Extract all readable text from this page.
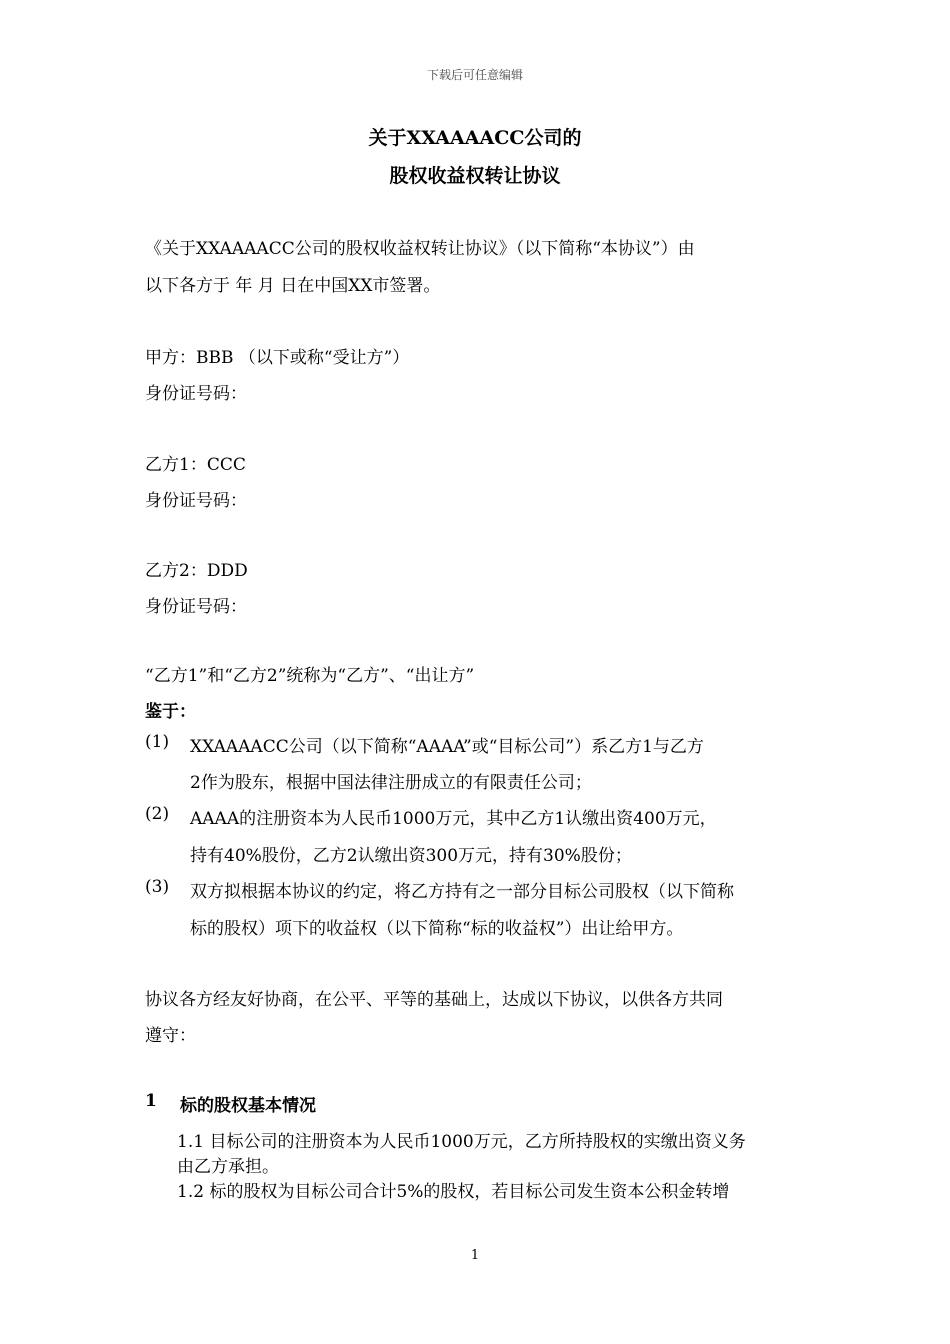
下载后可任意编辑
关于XXAAAACC公司的
股权收益权转让协议
《关于XXAAAACC公司的股权收益权转让协议》（以下简称“本协议”）由
以下各方于 年 月 日在中国XX市签署。
甲方：BBB （以下或称“受让方”）
身份证号码：
乙方1：CCC
身份证号码：
乙方2：DDD
身份证号码：
“乙方1”和“乙方2”统称为“乙方”、“出让方”
鉴于：
(1) XXAAAACC公司（以下简称“AAAA”或“目标公司”）系乙方1与乙方
2作为股东，根据中国法律注册成立的有限责任公司；
(2) AAAA的注册资本为人民币1000万元，其中乙方1认缴出资400万元，
持有40%股份，乙方2认缴出资300万元，持有30%股份；
(3) 双方拟根据本协议的约定，将乙方持有之一部分目标公司股权（以下简称
标的股权）项下的收益权（以下简称“标的收益权”）出让给甲方。
协议各方经友好协商，在公平、平等的基础上，达成以下协议，以供各方共同
遵守：
1 标的股权基本情况
1.1 目标公司的注册资本为人民币1000万元，乙方所持股权的实缴出资义务
由乙方承担。
1.2 标的股权为目标公司合计5%的股权，若目标公司发生资本公积金转增
1
